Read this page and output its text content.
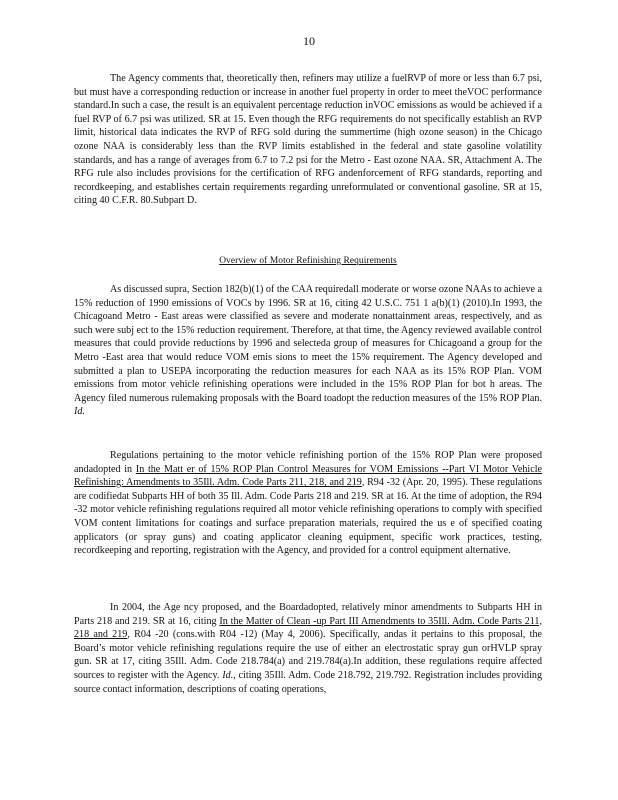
10

The Agency comments that, theoretically then, refiners may utilize a fuelRVP of more or less than 6.7 psi, but must have a corresponding reduction or increase in another fuel property in order to meet theVOC performance standard.In such a case, the result is an equivalent percentage reduction inVOC emissions as would be achieved if a fuel RVP of 6.7 psi was utilized. SR at 15. Even though the RFG requirements do not specifically establish an RVP limit, historical data indicates the RVP of RFG sold during the summertime (high ozone season) in the Chicago ozone NAA is considerably less than the RVP limits established in the federal and state gasoline volatility standards, and has a range of averages from 6.7 to 7.2 psi for the Metro - East ozone NAA. SR, Attachment A. The RFG rule also includes provisions for the certification of RFG andenforcement of RFG standards, reporting and recordkeeping, and establishes certain requirements regarding unreformulated or conventional gasoline. SR at 15, citing 40 C.F.R. 80.Subpart D.

Overview of Motor Refinishing Requirements

As discussed supra, Section 182(b)(1) of the CAA requiredall moderate or worse ozone NAAs to achieve a 15% reduction of 1990 emissions of VOCs by 1996. SR at 16, citing 42 U.S.C. 751 1 a(b)(1) (2010).In 1993, the Chicagoand Metro - East areas were classified as severe and moderate nonattainment areas, respectively, and as such were subj ect to the 15% reduction requirement. Therefore, at that time, the Agency reviewed available control measures that could provide reductions by 1996 and selecteda group of measures for Chicagoand a group for the Metro -East area that would reduce VOM emis sions to meet the 15% requirement. The Agency developed and submitted a plan to USEPA incorporating the reduction measures for each NAA as its 15% ROP Plan. VOM emissions from motor vehicle refinishing operations were included in the 15% ROP Plan for bot h areas. The Agency filed numerous rulemaking proposals with the Board toadopt the reduction measures of the 15% ROP Plan. Id.

Regulations pertaining to the motor vehicle refinishing portion of the 15% ROP Plan were proposed andadopted in In the Matt er of 15% ROP Plan Control Measures for VOM Emissions --Part VI Motor Vehicle Refinishing: Amendments to 35Ill. Adm. Code Parts 211, 218, and 219, R94 -32 (Apr. 20, 1995). These regulations are codifiedat Subparts HH of both 35 Ill. Adm. Code Parts 218 and 219. SR at 16. At the time of adoption, the R94 -32 motor vehicle refinishing regulations required all motor vehicle refinishing operations to comply with specified VOM content limitations for coatings and surface preparation materials, required the us e of specified coating applicators (or spray guns) and coating applicator cleaning equipment, specific work practices, testing, recordkeeping and reporting, registration with the Agency, and provided for a control equipment alternative.

In 2004, the Age ncy proposed, and the Boardadopted, relatively minor amendments to Subparts HH in Parts 218 and 219. SR at 16, citing In the Matter of Clean -up Part III Amendments to 35Ill. Adm. Code Parts 211, 218 and 219, R04 -20 (cons.with R04 -12) (May 4, 2006). Specifically, andas it pertains to this proposal, the Board’s motor vehicle refinishing regulations require the use of either an electrostatic spray gun orHVLP spray gun. SR at 17, citing 35Ill. Adm. Code 218.784(a) and 219.784(a).In addition, these regulations require affected sources to register with the Agency. Id., citing 35Ill. Adm. Code 218.792, 219.792. Registration includes providing source contact information, descriptions of coating operations,
